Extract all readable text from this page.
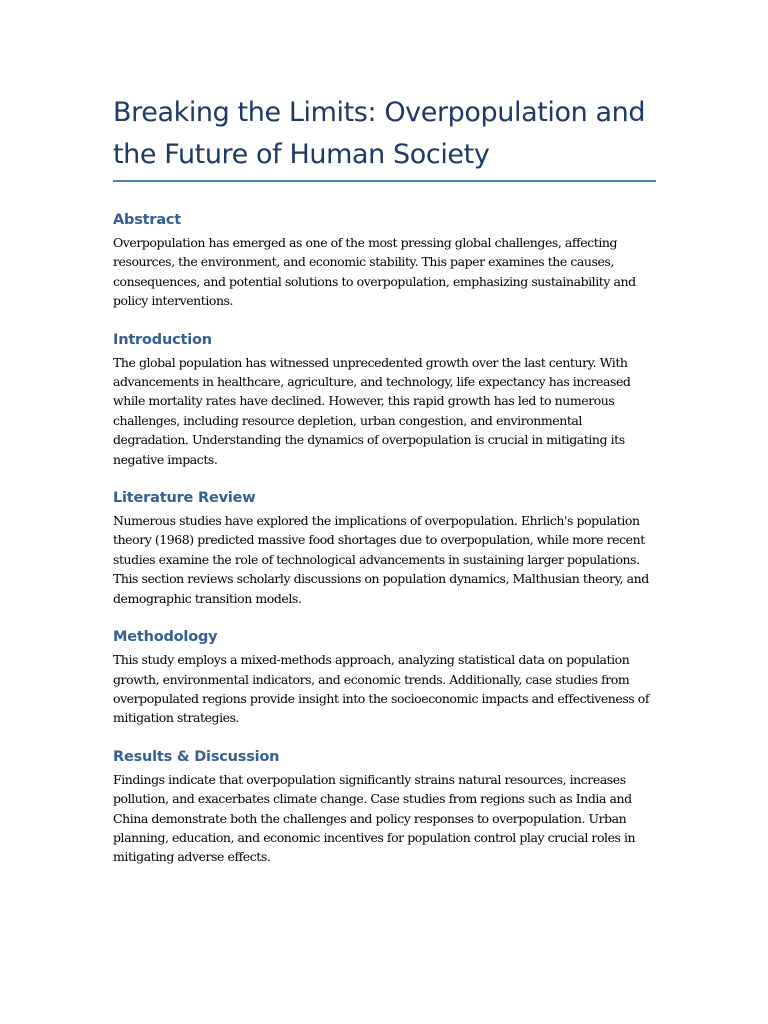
Breaking the Limits: Overpopulation and the Future of Human Society
Abstract

Overpopulation has emerged as one of the most pressing global challenges, affecting resources, the environment, and economic stability. This paper examines the causes, consequences, and potential solutions to overpopulation, emphasizing sustainability and policy interventions.

Introduction

The global population has witnessed unprecedented growth over the last century. With advancements in healthcare, agriculture, and technology, life expectancy has increased while mortality rates have declined. However, this rapid growth has led to numerous challenges, including resource depletion, urban congestion, and environmental degradation. Understanding the dynamics of overpopulation is crucial in mitigating its negative impacts.

Literature Review

Numerous studies have explored the implications of overpopulation. Ehrlich's population theory (1968) predicted massive food shortages due to overpopulation, while more recent studies examine the role of technological advancements in sustaining larger populations. This section reviews scholarly discussions on population dynamics, Malthusian theory, and demographic transition models.

Methodology

This study employs a mixed-methods approach, analyzing statistical data on population growth, environmental indicators, and economic trends. Additionally, case studies from overpopulated regions provide insight into the socioeconomic impacts and effectiveness of mitigation strategies.

Results & Discussion

Findings indicate that overpopulation significantly strains natural resources, increases pollution, and exacerbates climate change. Case studies from regions such as India and China demonstrate both the challenges and policy responses to overpopulation. Urban planning, education, and economic incentives for population control play crucial roles in mitigating adverse effects.
